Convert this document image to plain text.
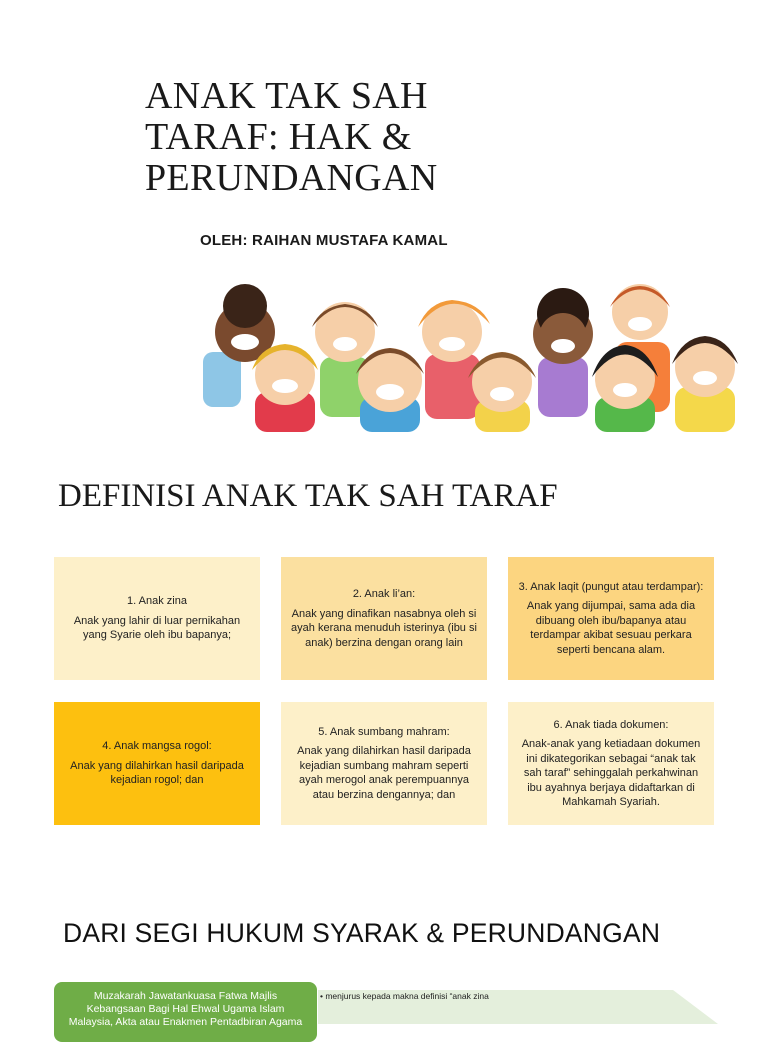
ANAK TAK SAH
TARAF: HAK &
PERUNDANGAN
OLEH: RAIHAN MUSTAFA KAMAL
DEFINISI ANAK TAK SAH TARAF
1. Anak zina
Anak yang lahir di luar pernikahan yang Syarie oleh ibu bapanya;
2. Anak li’an:
Anak yang dinafikan nasabnya oleh si ayah kerana menuduh isterinya (ibu si anak) berzina dengan orang lain
3. Anak laqit (pungut atau terdampar):
Anak yang dijumpai, sama ada dia dibuang oleh ibu/bapanya atau terdampar akibat sesuau perkara seperti bencana alam.
4. Anak mangsa rogol:
Anak yang dilahirkan hasil daripada kejadian rogol; dan
5. Anak sumbang mahram:
Anak yang dilahirkan hasil daripada kejadian sumbang mahram seperti ayah merogol anak perempuannya atau berzina dengannya; dan
6. Anak tiada dokumen:
Anak-anak yang ketiadaan dokumen ini dikategorikan sebagai “anak tak sah taraf” sehinggalah perkahwinan ibu ayahnya berjaya didaftarkan di Mahkamah Syariah.
DARI SEGI HUKUM SYARAK & PERUNDANGAN
• menjurus kepada makna definisi “anak zina
Muzakarah Jawatankuasa Fatwa Majlis
Kebangsaan Bagi Hal Ehwal Ugama Islam
Malaysia, Akta atau Enakmen Pentadbiran Agama
